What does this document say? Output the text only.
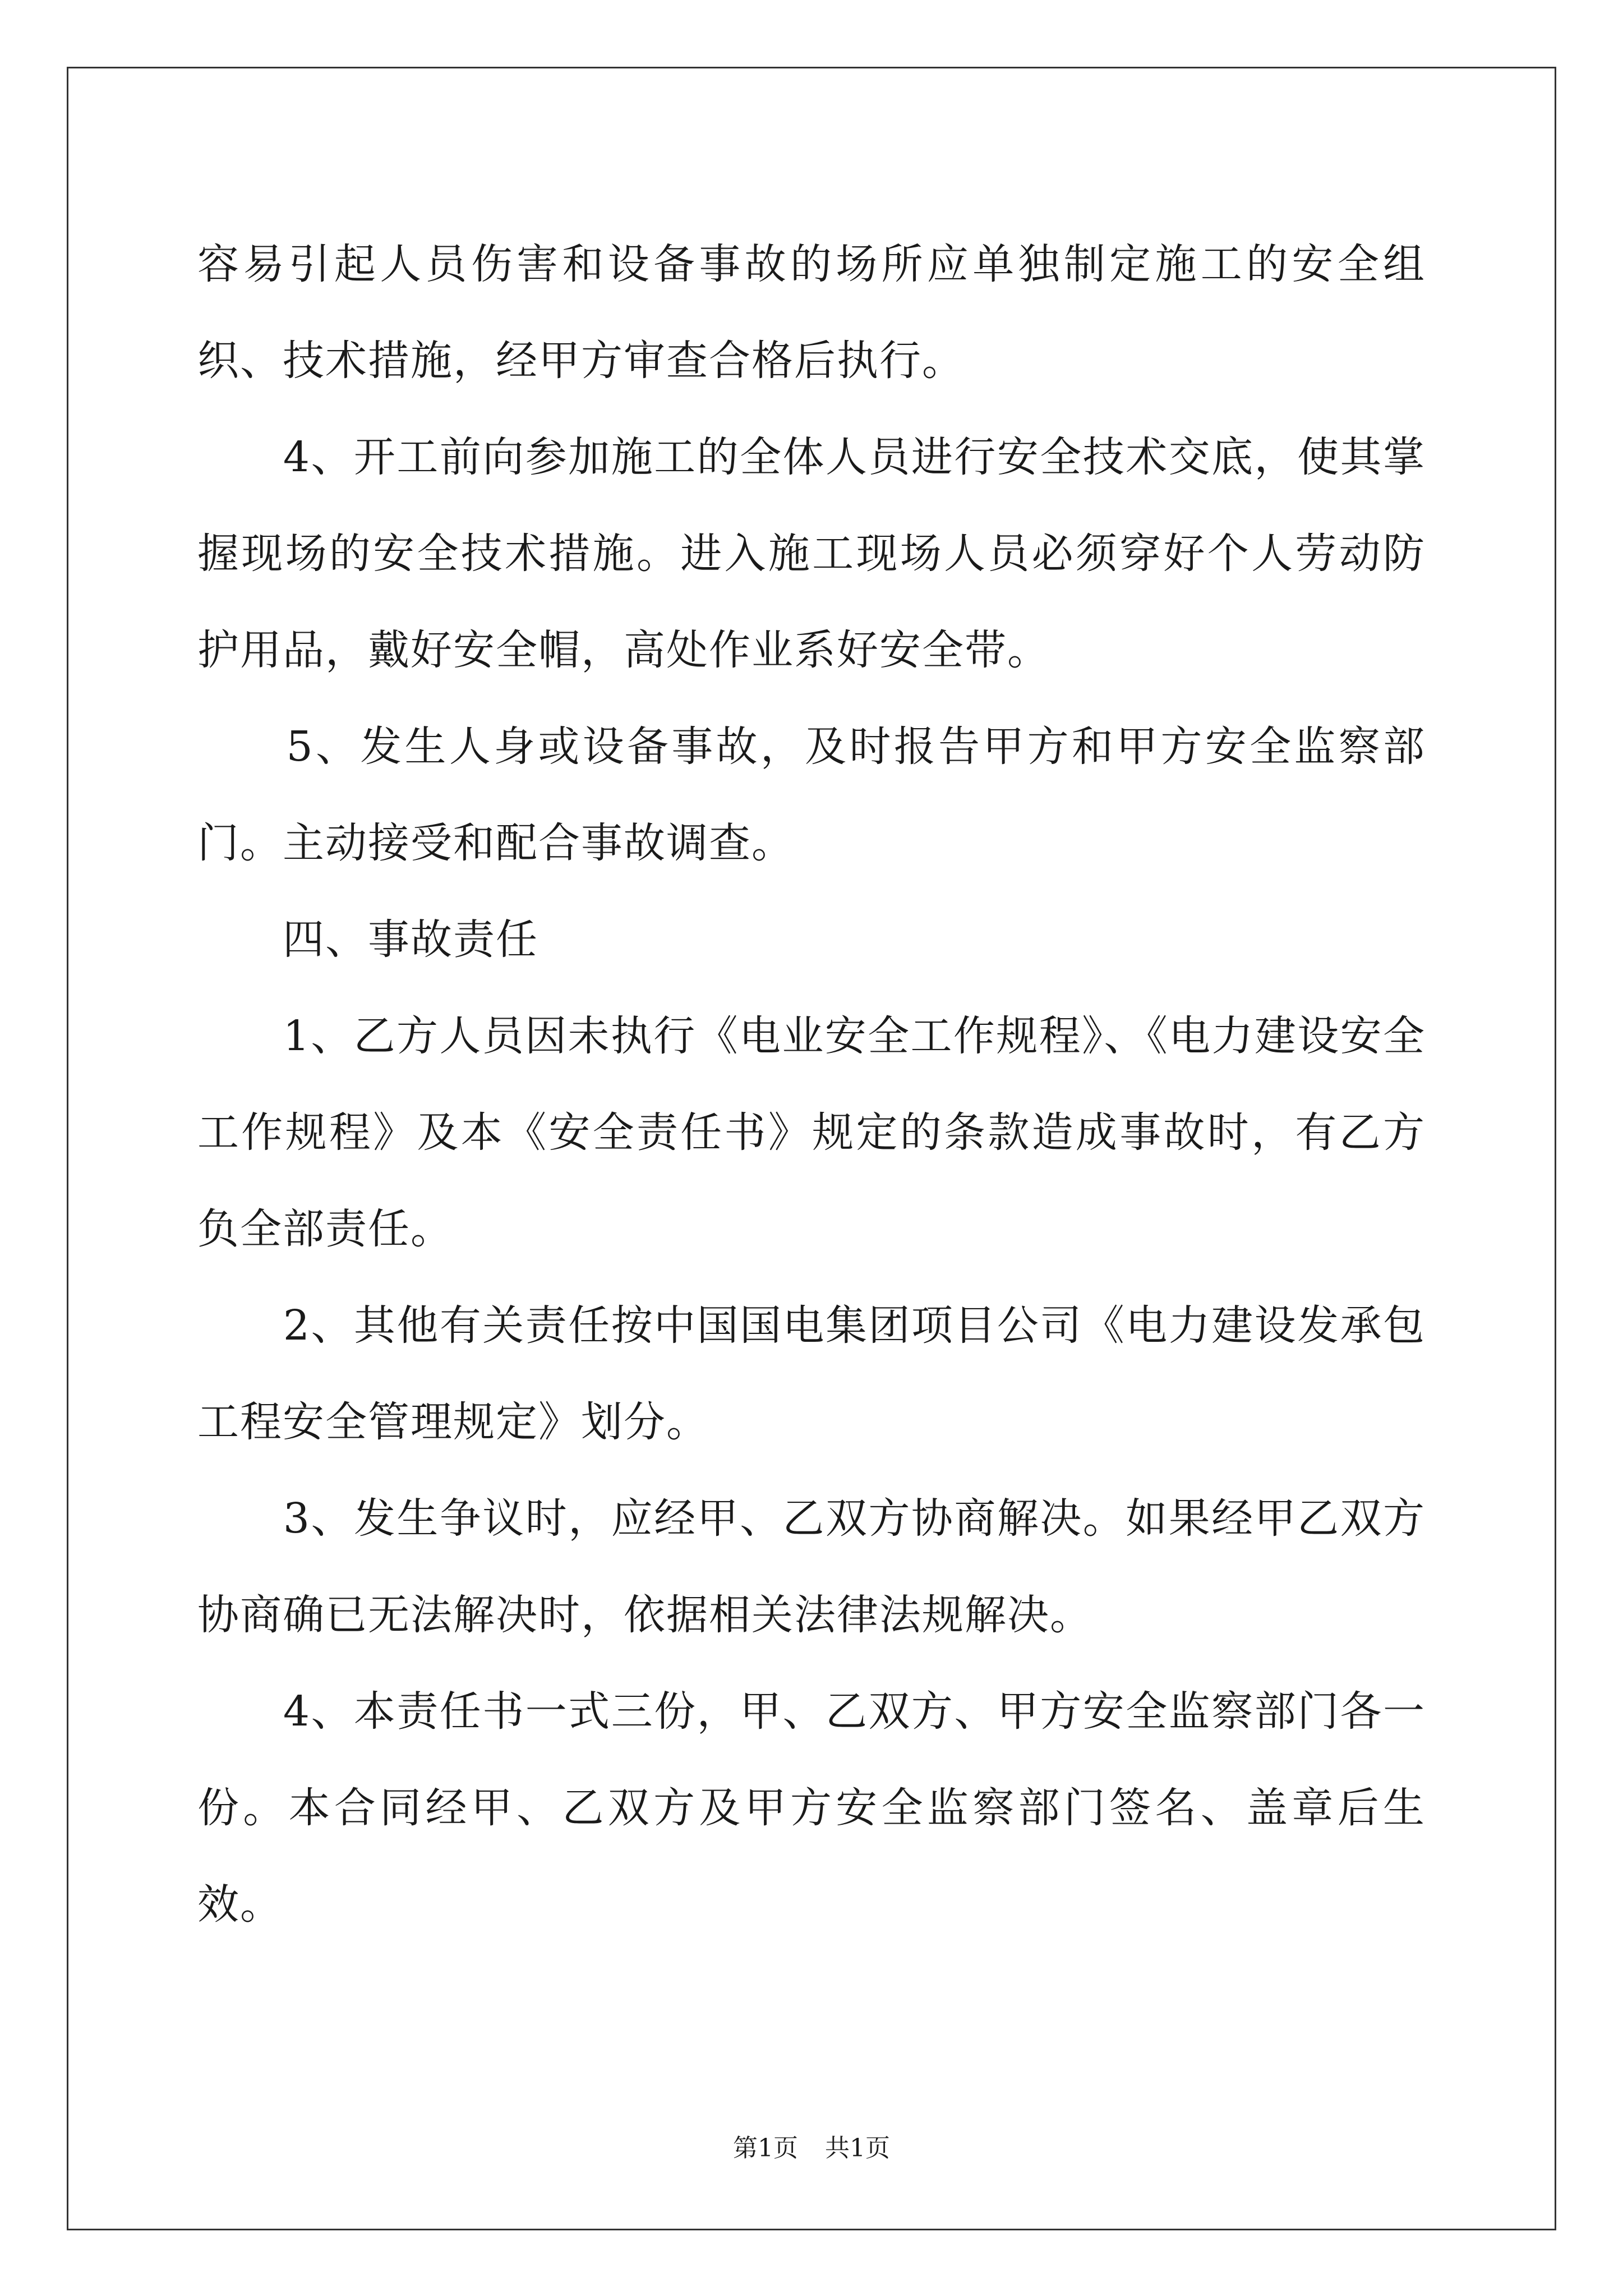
容易引起人员伤害和设备事故的场所应单独制定施工的安全组织、技术措施，经甲方审查合格后执行。

　　4、开工前向参加施工的全体人员进行安全技术交底，使其掌握现场的安全技术措施。进入施工现场人员必须穿好个人劳动防护用品，戴好安全帽，高处作业系好安全带。

　　5、发生人身或设备事故，及时报告甲方和甲方安全监察部门。主动接受和配合事故调查。

　　四、事故责任

　　1、乙方人员因未执行《电业安全工作规程》、《电力建设安全工作规程》及本《安全责任书》规定的条款造成事故时，有乙方负全部责任。

　　2、其他有关责任按中国国电集团项目公司《电力建设发承包工程安全管理规定》划分。

　　3、发生争议时，应经甲、乙双方协商解决。如果经甲乙双方协商确已无法解决时，依据相关法律法规解决。

　　4、本责任书一式三份，甲、乙双方、甲方安全监察部门各一份。本合同经甲、乙双方及甲方安全监察部门签名、盖章后生效。

第1页 共1页
